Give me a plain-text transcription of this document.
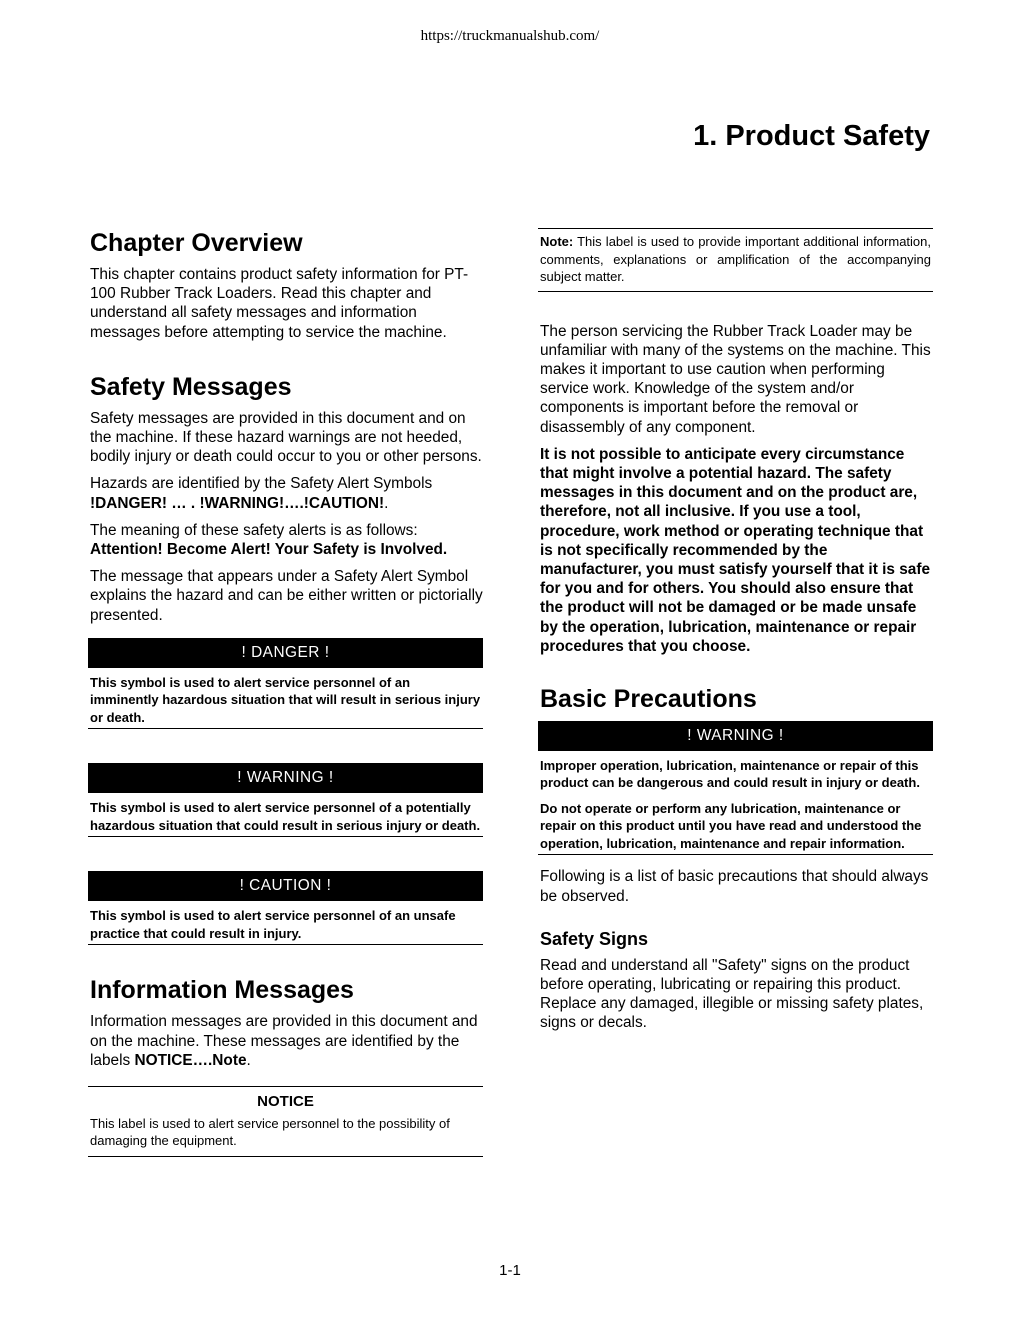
https://truckmanualshub.com/
1. Product Safety
Chapter Overview

This chapter contains product safety information for PT-100 Rubber Track Loaders. Read this chapter and understand all safety messages and information messages before attempting to service the machine.

Safety Messages

Safety messages are provided in this document and on the machine. If these hazard warnings are not heeded, bodily injury or death could occur to you or other persons.

Hazards are identified by the Safety Alert Symbols !DANGER! … . !WARNING!….!CAUTION!.

The meaning of these safety alerts is as follows: Attention! Become Alert! Your Safety is Involved.

The message that appears under a Safety Alert Symbol explains the hazard and can be either written or pictorially presented.

! DANGER !

This symbol is used to alert service personnel of an imminently hazardous situation that will result in serious injury or death.

! WARNING !

This symbol is used to alert service personnel of a potentially hazardous situation that could result in serious injury or death.

! CAUTION !

This symbol is used to alert service personnel of an unsafe practice that could result in injury.

Information Messages

Information messages are provided in this document and on the machine. These messages are identified by the labels NOTICE….Note.

NOTICE
This label is used to alert service personnel to the possibility of damaging the equipment.
Note: This label is used to provide important additional information, comments, explanations or amplification of the accompanying subject matter.

The person servicing the Rubber Track Loader may be unfamiliar with many of the systems on the machine. This makes it important to use caution when performing service work. Knowledge of the system and/or components is important before the removal or disassembly of any component.

It is not possible to anticipate every circumstance that might involve a potential hazard. The safety messages in this document and on the product are, therefore, not all inclusive. If you use a tool, procedure, work method or operating technique that is not specifically recommended by the manufacturer, you must satisfy yourself that it is safe for you and for others. You should also ensure that the product will not be damaged or be made unsafe by the operation, lubrication, maintenance or repair procedures that you choose.

Basic Precautions
! WARNING !

Improper operation, lubrication, maintenance or repair of this product can be dangerous and could result in injury or death.

Do not operate or perform any lubrication, maintenance or repair on this product until you have read and understood the operation, lubrication, maintenance and repair information.

Following is a list of basic precautions that should always be observed.

Safety Signs

Read and understand all "Safety" signs on the product before operating, lubricating or repairing this product. Replace any damaged, illegible or missing safety plates, signs or decals.

1-1
